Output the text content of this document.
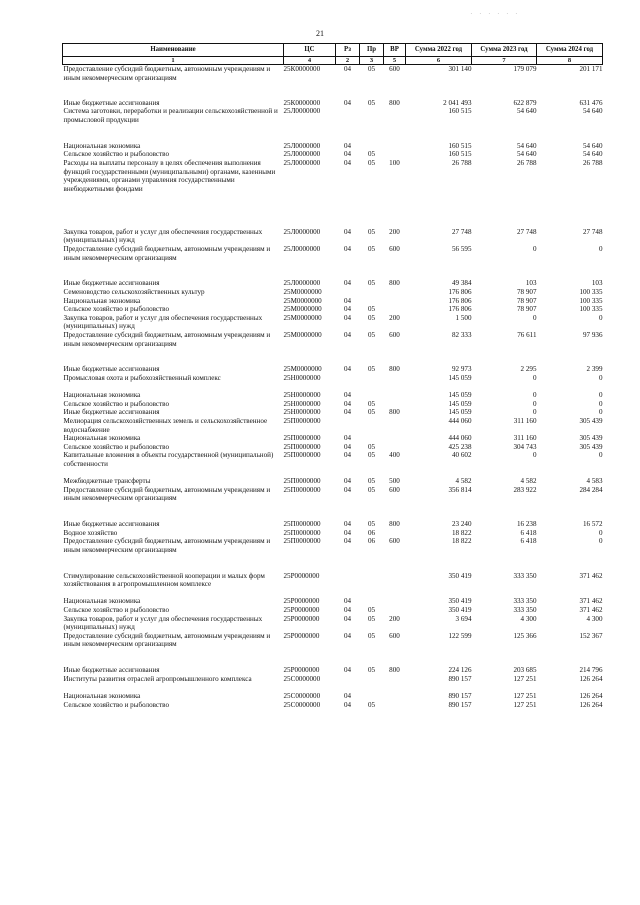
. . . . . .
21
Наименование	ЦС	Рз	Пр	ВР	Сумма 2022 год	Сумма 2023 год	Сумма 2024 год
1	4	2	3	5	6	7	8
Предоставление субсидий бюджетным, автономным учреждениям и иным некоммерческим организациям	25К0000000	04	05	600	301 140	179 079	201 171
Иные бюджетные ассигнования	25К0000000	04	05	800	2 041 493	622 879	631 476
Система заготовки, переработки и реализации сельскохозяйственной и промысловой продукции	25Л0000000				160 515	54 640	54 640
Национальная экономика	25Л0000000	04			160 515	54 640	54 640
Сельское хозяйство и рыболовство	25Л0000000	04	05		160 515	54 640	54 640
Расходы на выплаты персоналу в целях обеспечения выполнения функций государственными (муниципальными) органами, казенными учреждениями, органами управления государственными внебюджетными фондами	25Л0000000	04	05	100	26 788	26 788	26 788
Закупка товаров, работ и услуг для обеспечения государственных (муниципальных) нужд	25Л0000000	04	05	200	27 748	27 748	27 748
Предоставление субсидий бюджетным, автономным учреждениям и иным некоммерческим организациям	25Л0000000	04	05	600	56 595	0	0
Иные бюджетные ассигнования	25Л0000000	04	05	800	49 384	103	103
Семеноводство сельскохозяйственных культур	25М0000000				176 806	78 907	100 335
Национальная экономика	25М0000000	04			176 806	78 907	100 335
Сельское хозяйство и рыболовство	25М0000000	04	05		176 806	78 907	100 335
Закупка товаров, работ и услуг для обеспечения государственных (муниципальных) нужд	25М0000000	04	05	200	1 500	0	0
Предоставление субсидий бюджетным, автономным учреждениям и иным некоммерческим организациям	25М0000000	04	05	600	82 333	76 611	97 936
Иные бюджетные ассигнования	25М0000000	04	05	800	92 973	2 295	2 399
Промысловая охота и рыбохозяйственный комплекс	25Н0000000				145 059	0	0
Национальная экономика	25Н0000000	04			145 059	0	0
Сельское хозяйство и рыболовство	25Н0000000	04	05		145 059	0	0
Иные бюджетные ассигнования	25Н0000000	04	05	800	145 059	0	0
Мелиорация сельскохозяйственных земель и сельскохозяйственное водоснабжение	25П0000000				444 060	311 160	305 439
Национальная экономика	25П0000000	04			444 060	311 160	305 439
Сельское хозяйство и рыболовство	25П0000000	04	05		425 238	304 743	305 439
Капитальные вложения в объекты государственной (муниципальной) собственности	25П0000000	04	05	400	40 602	0	0
Межбюджетные трансферты	25П0000000	04	05	500	4 582	4 582	4 583
Предоставление субсидий бюджетным, автономным учреждениям и иным некоммерческим организациям	25П0000000	04	05	600	356 814	283 922	284 284
Иные бюджетные ассигнования	25П0000000	04	05	800	23 240	16 238	16 572
Водное хозяйство	25П0000000	04	06		18 822	6 418	0
Предоставление субсидий бюджетным, автономным учреждениям и иным некоммерческим организациям	25П0000000	04	06	600	18 822	6 418	0
Стимулирование сельскохозяйственной кооперации и малых форм хозяйствования в агропромышленном комплексе	25Р0000000				350 419	333 350	371 462
Национальная экономика	25Р0000000	04			350 419	333 350	371 462
Сельское хозяйство и рыболовство	25Р0000000	04	05		350 419	333 350	371 462
Закупка товаров, работ и услуг для обеспечения государственных (муниципальных) нужд	25Р0000000	04	05	200	3 694	4 300	4 300
Предоставление субсидий бюджетным, автономным учреждениям и иным некоммерческим организациям	25Р0000000	04	05	600	122 599	125 366	152 367
Иные бюджетные ассигнования	25Р0000000	04	05	800	224 126	203 685	214 796
Институты развития отраслей агропромышленного комплекса	25С0000000				890 157	127 251	126 264
Национальная экономика	25С0000000	04			890 157	127 251	126 264
Сельское хозяйство и рыболовство	25С0000000	04	05		890 157	127 251	126 264
